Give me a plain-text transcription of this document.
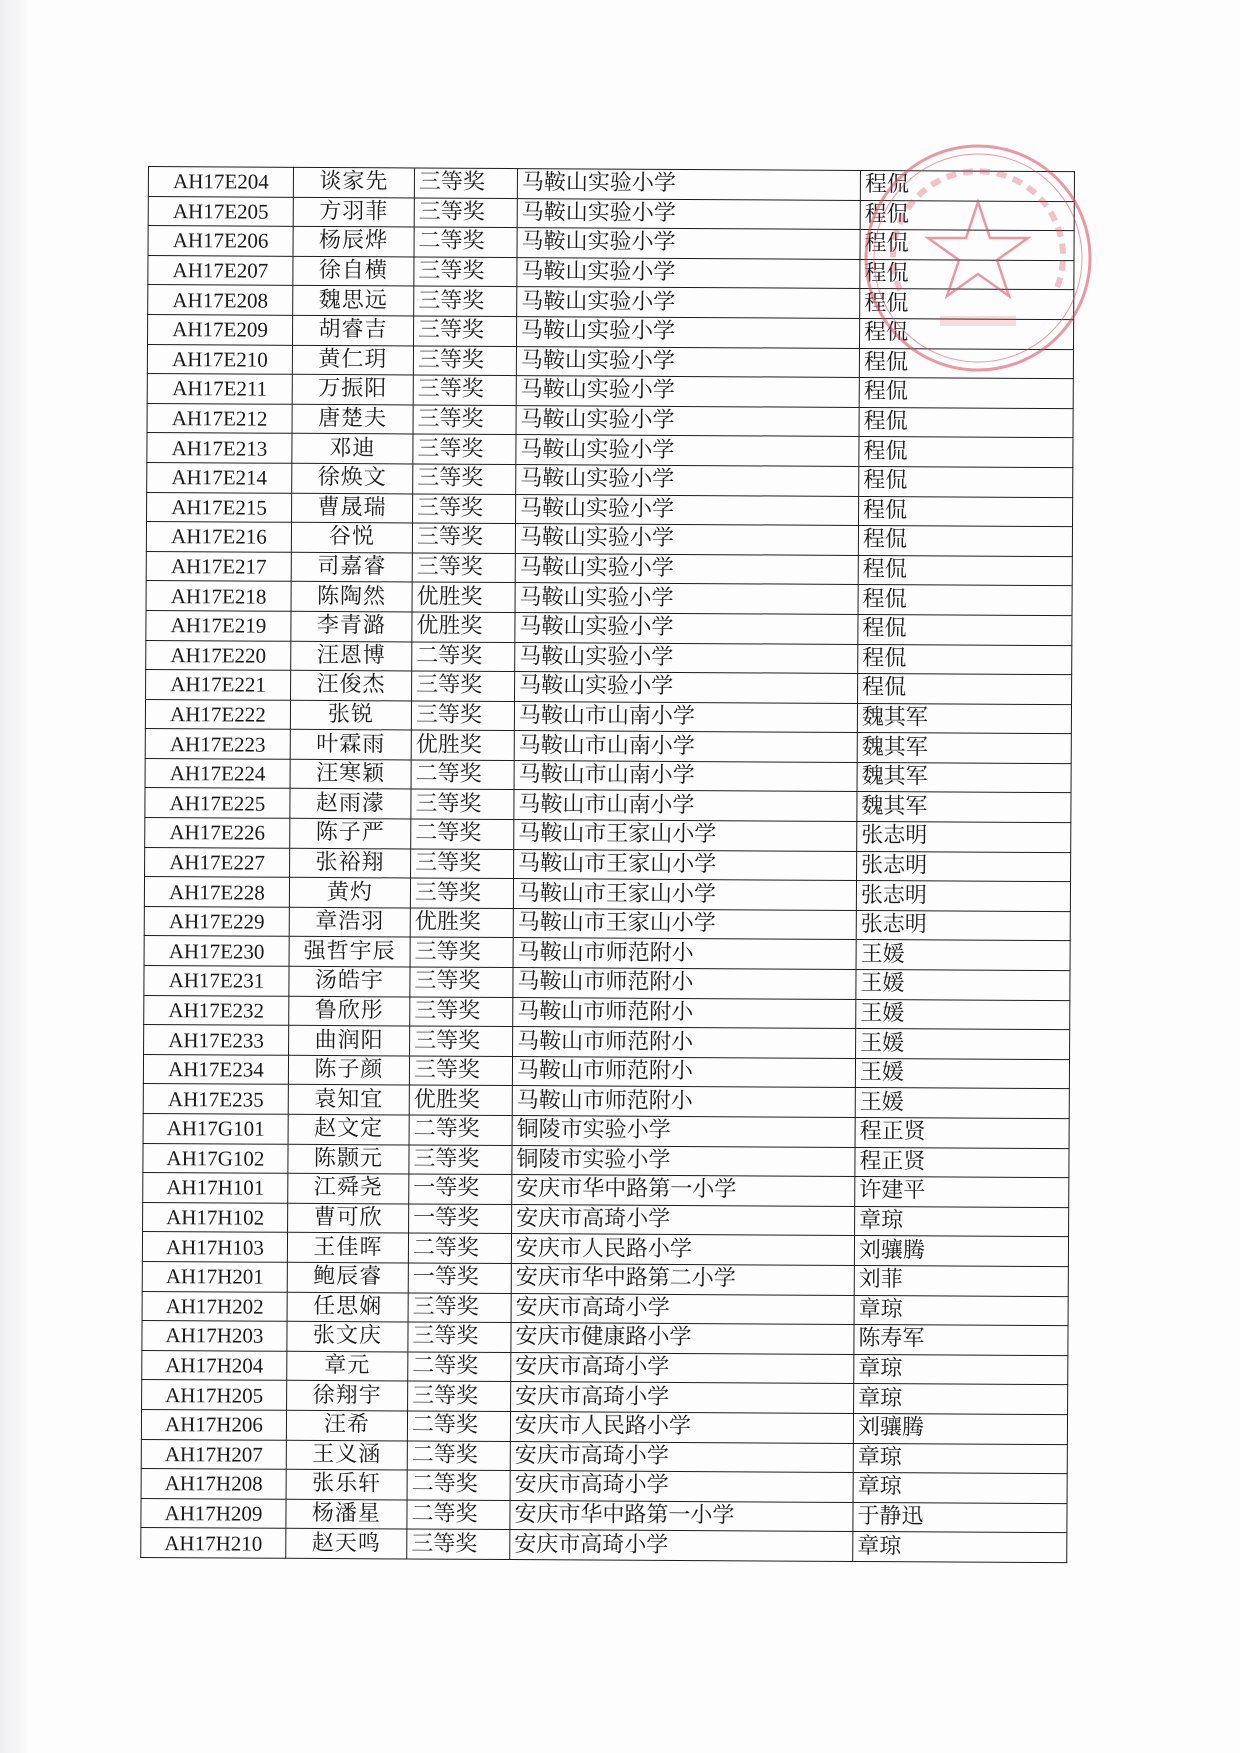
AH17E204	谈家先	三等奖	马鞍山实验小学	程侃
AH17E205	方羽菲	三等奖	马鞍山实验小学	程侃
AH17E206	杨辰烨	二等奖	马鞍山实验小学	程侃
AH17E207	徐自横	三等奖	马鞍山实验小学	程侃
AH17E208	魏思远	三等奖	马鞍山实验小学	程侃
AH17E209	胡睿吉	三等奖	马鞍山实验小学	程侃
AH17E210	黄仁玥	三等奖	马鞍山实验小学	程侃
AH17E211	万振阳	三等奖	马鞍山实验小学	程侃
AH17E212	唐楚夫	三等奖	马鞍山实验小学	程侃
AH17E213	邓迪	三等奖	马鞍山实验小学	程侃
AH17E214	徐焕文	三等奖	马鞍山实验小学	程侃
AH17E215	曹晟瑞	三等奖	马鞍山实验小学	程侃
AH17E216	谷悦	三等奖	马鞍山实验小学	程侃
AH17E217	司嘉睿	三等奖	马鞍山实验小学	程侃
AH17E218	陈陶然	优胜奖	马鞍山实验小学	程侃
AH17E219	李青潞	优胜奖	马鞍山实验小学	程侃
AH17E220	汪恩博	二等奖	马鞍山实验小学	程侃
AH17E221	汪俊杰	三等奖	马鞍山实验小学	程侃
AH17E222	张锐	三等奖	马鞍山市山南小学	魏其军
AH17E223	叶霖雨	优胜奖	马鞍山市山南小学	魏其军
AH17E224	汪寒颖	二等奖	马鞍山市山南小学	魏其军
AH17E225	赵雨濛	三等奖	马鞍山市山南小学	魏其军
AH17E226	陈子严	二等奖	马鞍山市王家山小学	张志明
AH17E227	张裕翔	三等奖	马鞍山市王家山小学	张志明
AH17E228	黄灼	三等奖	马鞍山市王家山小学	张志明
AH17E229	章浩羽	优胜奖	马鞍山市王家山小学	张志明
AH17E230	强哲宇辰	三等奖	马鞍山市师范附小	王媛
AH17E231	汤皓宇	三等奖	马鞍山市师范附小	王媛
AH17E232	鲁欣彤	三等奖	马鞍山市师范附小	王媛
AH17E233	曲润阳	三等奖	马鞍山市师范附小	王媛
AH17E234	陈子颜	三等奖	马鞍山市师范附小	王媛
AH17E235	袁知宜	优胜奖	马鞍山市师范附小	王媛
AH17G101	赵文定	二等奖	铜陵市实验小学	程正贤
AH17G102	陈颢元	三等奖	铜陵市实验小学	程正贤
AH17H101	江舜尧	一等奖	安庆市华中路第一小学	许建平
AH17H102	曹可欣	一等奖	安庆市高琦小学	章琼
AH17H103	王佳晖	二等奖	安庆市人民路小学	刘骧腾
AH17H201	鲍辰睿	一等奖	安庆市华中路第二小学	刘菲
AH17H202	任思娴	三等奖	安庆市高琦小学	章琼
AH17H203	张文庆	三等奖	安庆市健康路小学	陈寿军
AH17H204	章元	二等奖	安庆市高琦小学	章琼
AH17H205	徐翔宇	三等奖	安庆市高琦小学	章琼
AH17H206	汪希	二等奖	安庆市人民路小学	刘骧腾
AH17H207	王义涵	二等奖	安庆市高琦小学	章琼
AH17H208	张乐轩	二等奖	安庆市高琦小学	章琼
AH17H209	杨潘星	二等奖	安庆市华中路第一小学	于静迅
AH17H210	赵天鸣	三等奖	安庆市高琦小学	章琼
